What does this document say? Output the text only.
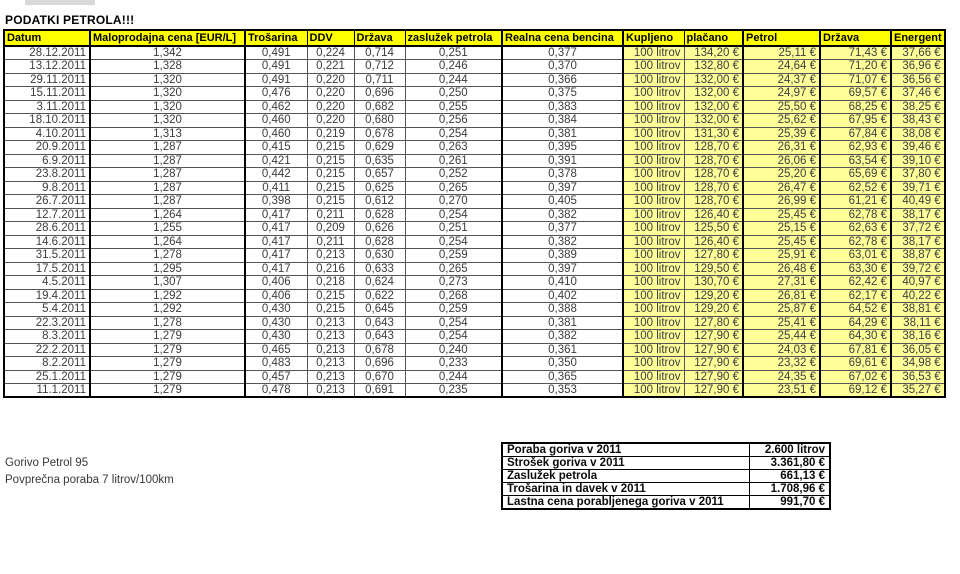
PODATKI PETROLA!!!
Datum	Maloprodajna cena [EUR/L]	Trošarina	DDV	Država	zaslužek petrola	Realna cena bencina	Kupljeno	plačano	Petrol	Država	Energent
28.12.2011	1,342	0,491	0,224	0,714	0,251	0,377	100 litrov	134,20 €	25,11 €	71,43 €	37,66 €
13.12.2011	1,328	0,491	0,221	0,712	0,246	0,370	100 litrov	132,80 €	24,64 €	71,20 €	36,96 €
29.11.2011	1,320	0,491	0,220	0,711	0,244	0,366	100 litrov	132,00 €	24,37 €	71,07 €	36,56 €
15.11.2011	1,320	0,476	0,220	0,696	0,250	0,375	100 litrov	132,00 €	24,97 €	69,57 €	37,46 €
3.11.2011	1,320	0,462	0,220	0,682	0,255	0,383	100 litrov	132,00 €	25,50 €	68,25 €	38,25 €
18.10.2011	1,320	0,460	0,220	0,680	0,256	0,384	100 litrov	132,00 €	25,62 €	67,95 €	38,43 €
4.10.2011	1,313	0,460	0,219	0,678	0,254	0,381	100 litrov	131,30 €	25,39 €	67,84 €	38,08 €
20.9.2011	1,287	0,415	0,215	0,629	0,263	0,395	100 litrov	128,70 €	26,31 €	62,93 €	39,46 €
6.9.2011	1,287	0,421	0,215	0,635	0,261	0,391	100 litrov	128,70 €	26,06 €	63,54 €	39,10 €
23.8.2011	1,287	0,442	0,215	0,657	0,252	0,378	100 litrov	128,70 €	25,20 €	65,69 €	37,80 €
9.8.2011	1,287	0,411	0,215	0,625	0,265	0,397	100 litrov	128,70 €	26,47 €	62,52 €	39,71 €
26.7.2011	1,287	0,398	0,215	0,612	0,270	0,405	100 litrov	128,70 €	26,99 €	61,21 €	40,49 €
12.7.2011	1,264	0,417	0,211	0,628	0,254	0,382	100 litrov	126,40 €	25,45 €	62,78 €	38,17 €
28.6.2011	1,255	0,417	0,209	0,626	0,251	0,377	100 litrov	125,50 €	25,15 €	62,63 €	37,72 €
14.6.2011	1,264	0,417	0,211	0,628	0,254	0,382	100 litrov	126,40 €	25,45 €	62,78 €	38,17 €
31.5.2011	1,278	0,417	0,213	0,630	0,259	0,389	100 litrov	127,80 €	25,91 €	63,01 €	38,87 €
17.5.2011	1,295	0,417	0,216	0,633	0,265	0,397	100 litrov	129,50 €	26,48 €	63,30 €	39,72 €
4.5.2011	1,307	0,406	0,218	0,624	0,273	0,410	100 litrov	130,70 €	27,31 €	62,42 €	40,97 €
19.4.2011	1,292	0,406	0,215	0,622	0,268	0,402	100 litrov	129,20 €	26,81 €	62,17 €	40,22 €
5.4.2011	1,292	0,430	0,215	0,645	0,259	0,388	100 litrov	129,20 €	25,87 €	64,52 €	38,81 €
22.3.2011	1,278	0,430	0,213	0,643	0,254	0,381	100 litrov	127,80 €	25,41 €	64,29 €	38,11 €
8.3.2011	1,279	0,430	0,213	0,643	0,254	0,382	100 litrov	127,90 €	25,44 €	64,30 €	38,16 €
22.2.2011	1,279	0,465	0,213	0,678	0,240	0,361	100 litrov	127,90 €	24,03 €	67,81 €	36,05 €
8.2.2011	1,279	0,483	0,213	0,696	0,233	0,350	100 litrov	127,90 €	23,32 €	69,61 €	34,98 €
25.1.2011	1,279	0,457	0,213	0,670	0,244	0,365	100 litrov	127,90 €	24,35 €	67,02 €	36,53 €
11.1.2011	1,279	0,478	0,213	0,691	0,235	0,353	100 litrov	127,90 €	23,51 €	69,12 €	35,27 €
Gorivo Petrol 95
Povprečna poraba 7 litrov/100km
Poraba goriva v 2011	2.600 litrov
Strošek goriva v 2011	3.361,80 €
Zaslužek petrola	661,13 €
Trošarina in davek v 2011	1.708,96 €
Lastna cena porabljenega goriva v 2011	991,70 €
